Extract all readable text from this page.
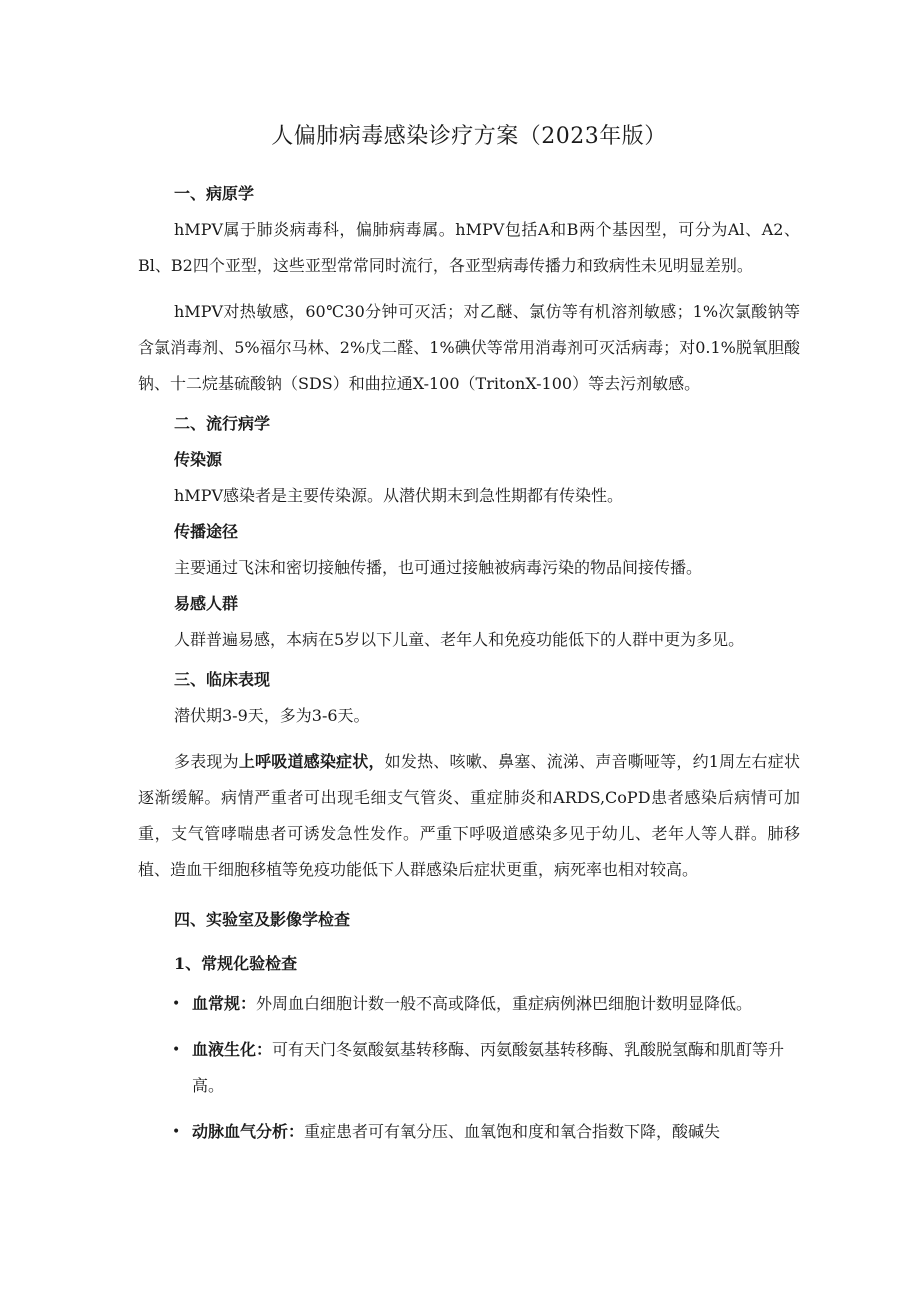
人偏肺病毒感染诊疗方案（2023年版）
一、病原学

hMPV属于肺炎病毒科，偏肺病毒属。hMPV包括A和B两个基因型，可分为Al、A2、Bl、B2四个亚型，这些亚型常常同时流行，各亚型病毒传播力和致病性未见明显差别。

hMPV对热敏感，60℃30分钟可灭活；对乙醚、氯仿等有机溶剂敏感；1%次氯酸钠等含氯消毒剂、5%福尔马林、2%戊二醛、1%碘伏等常用消毒剂可灭活病毒；对0.1%脱氧胆酸钠、十二烷基硫酸钠（SDS）和曲拉通X-100（TritonX-100）等去污剂敏感。

二、流行病学
传染源

hMPV感染者是主要传染源。从潜伏期末到急性期都有传染性。

传播途径

主要通过飞沫和密切接触传播，也可通过接触被病毒污染的物品间接传播。

易感人群

人群普遍易感，本病在5岁以下儿童、老年人和免疫功能低下的人群中更为多见。

三、临床表现

潜伏期3-9天，多为3-6天。

多表现为上呼吸道感染症状，如发热、咳嗽、鼻塞、流涕、声音嘶哑等，约1周左右症状逐渐缓解。病情严重者可出现毛细支气管炎、重症肺炎和ARDS,CoPD患者感染后病情可加重，支气管哮喘患者可诱发急性发作。严重下呼吸道感染多见于幼儿、老年人等人群。肺移植、造血干细胞移植等免疫功能低下人群感染后症状更重，病死率也相对较高。

四、实验室及影像学检查
1、常规化验检查
• 血常规：外周血白细胞计数一般不高或降低，重症病例淋巴细胞计数明显降低。
• 血液生化：可有天门冬氨酸氨基转移酶、丙氨酸氨基转移酶、乳酸脱氢酶和肌酊等升高。
• 动脉血气分析：重症患者可有氧分压、血氧饱和度和氧合指数下降，酸碱失
